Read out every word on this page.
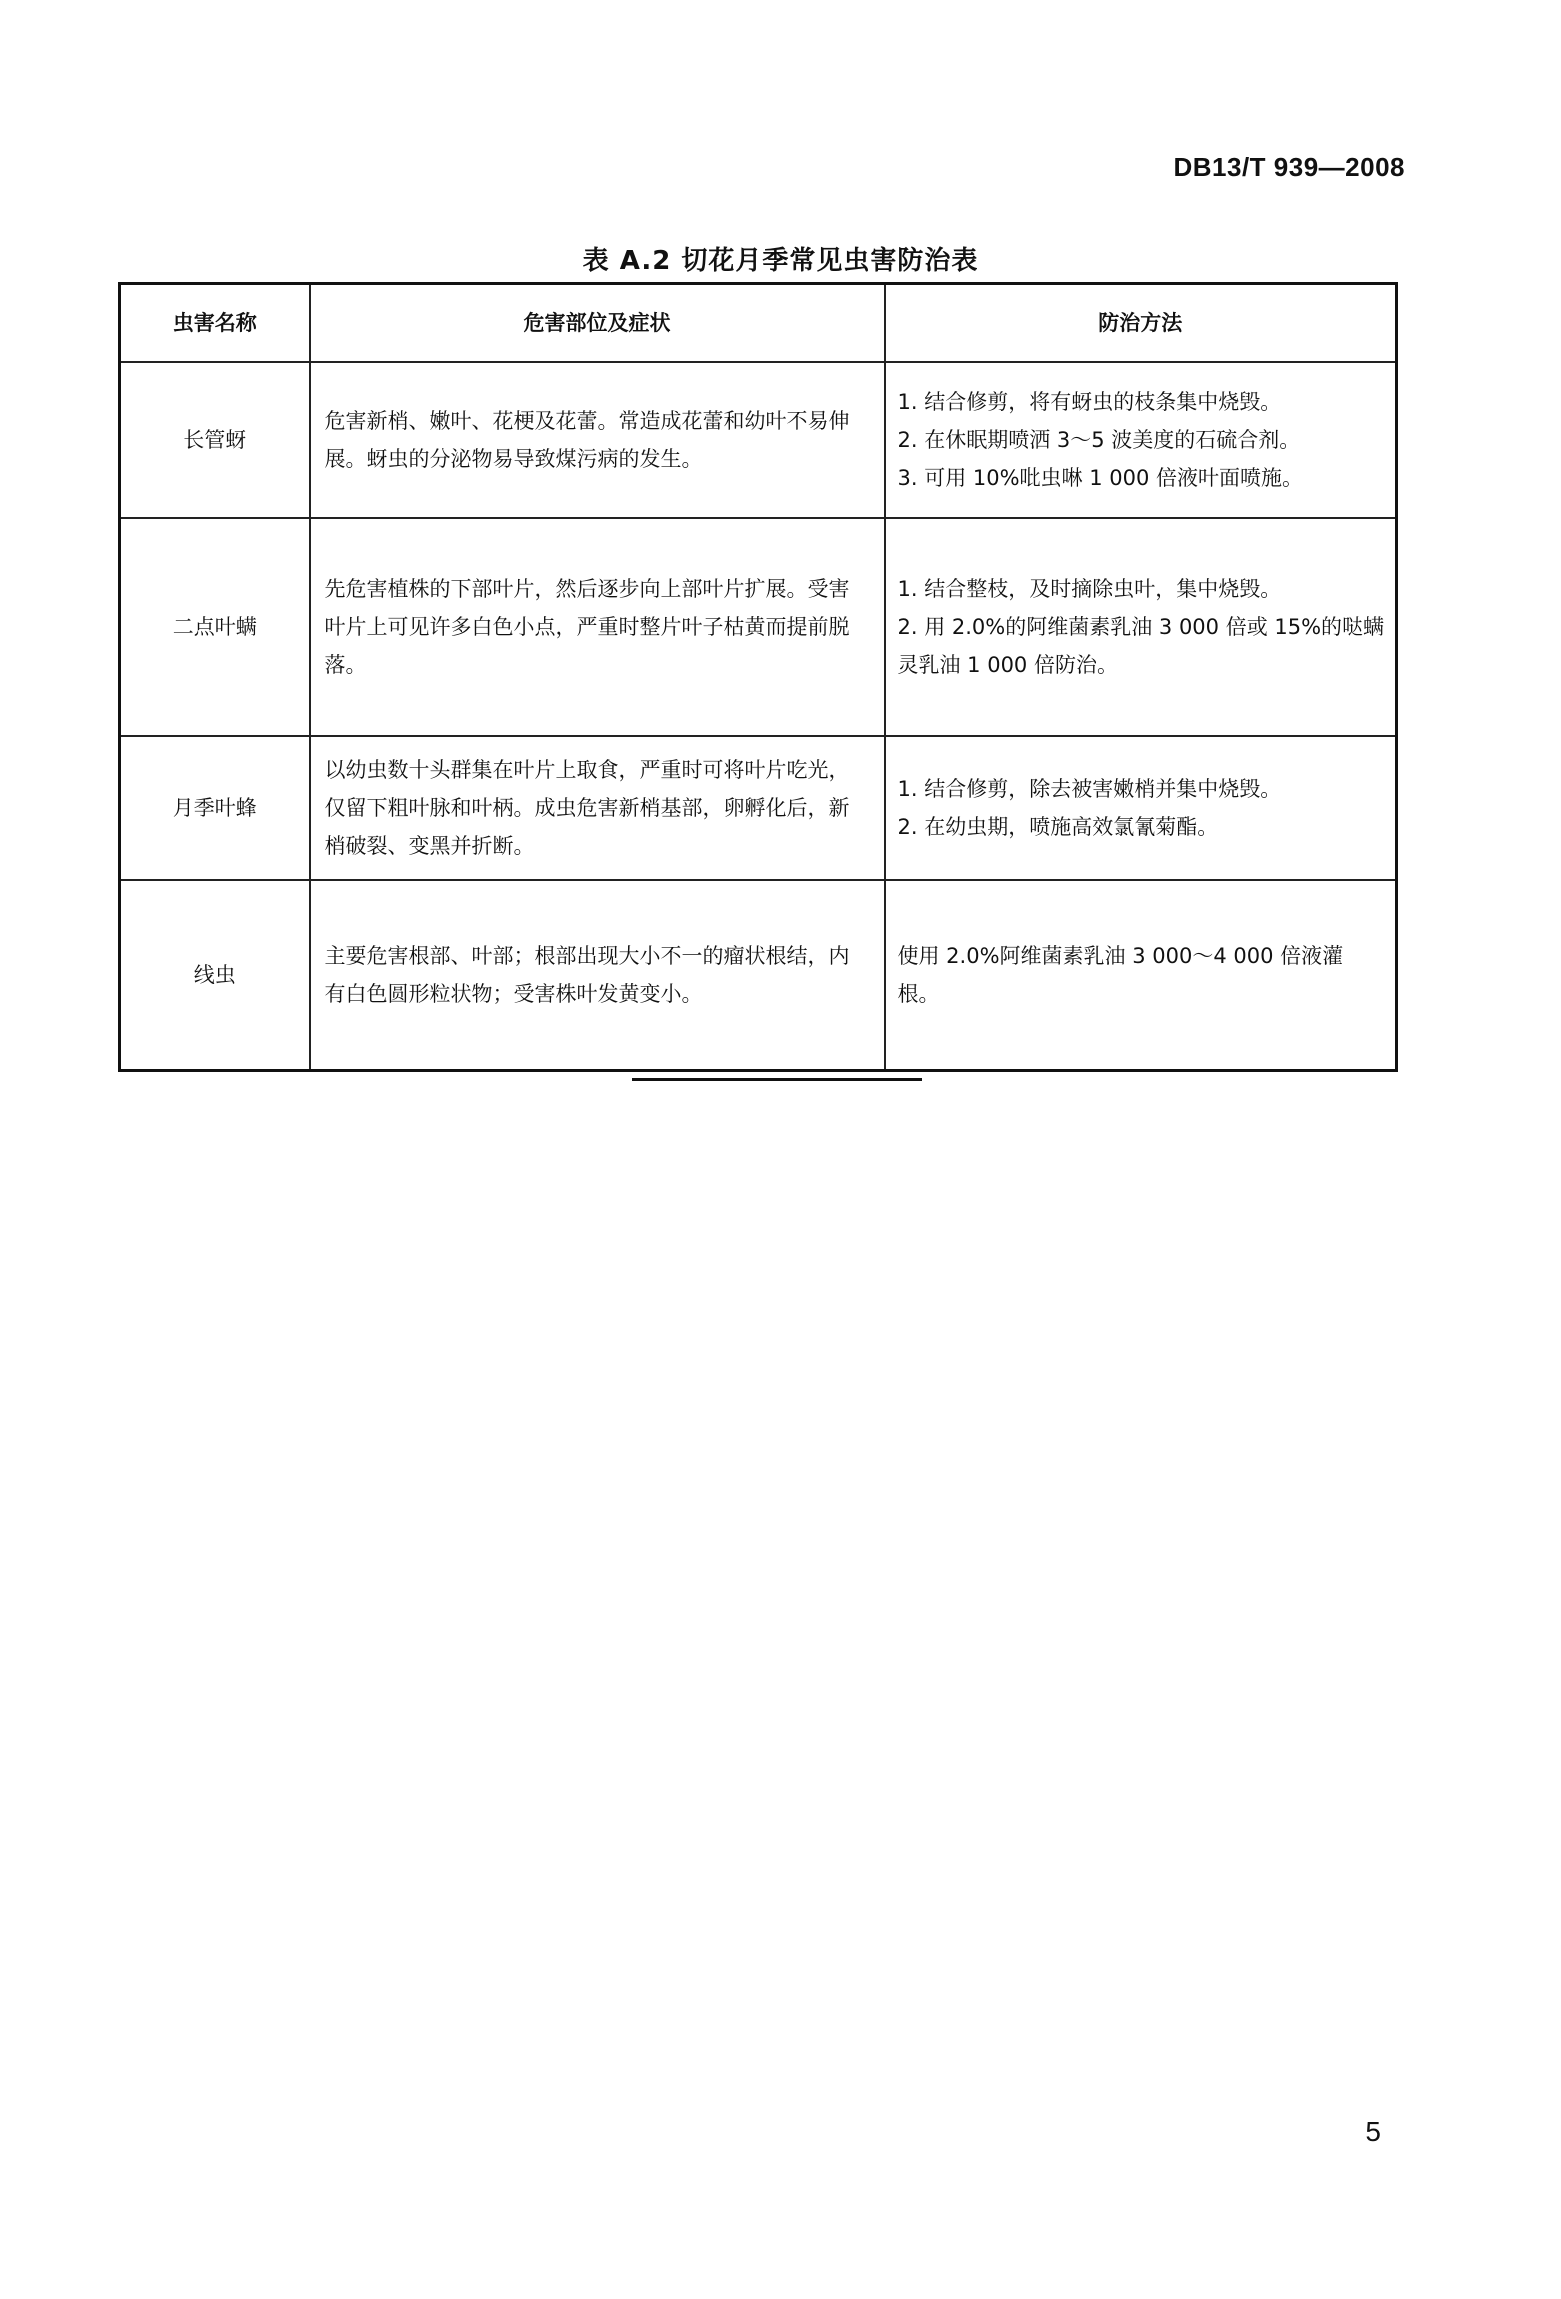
DB13/T 939—2008
表 A.2 切花月季常见虫害防治表
虫害名称	危害部位及症状	防治方法
长管蚜	危害新梢、嫩叶、花梗及花蕾。常造成花蕾和幼叶不易伸展。蚜虫的分泌物易导致煤污病的发生。	1. 结合修剪，将有蚜虫的枝条集中烧毁。
2. 在休眠期喷洒 3～5 波美度的石硫合剂。
3. 可用 10%吡虫啉 1 000 倍液叶面喷施。

二点叶螨	先危害植株的下部叶片，然后逐步向上部叶片扩展。受害叶片上可见许多白色小点，严重时整片叶子枯黄而提前脱落。	1. 结合整枝，及时摘除虫叶，集中烧毁。
2. 用 2.0%的阿维菌素乳油 3 000 倍或 15%的哒螨灵乳油 1 000 倍防治。

月季叶蜂	以幼虫数十头群集在叶片上取食，严重时可将叶片吃光，仅留下粗叶脉和叶柄。成虫危害新梢基部，卵孵化后，新梢破裂、变黑并折断。	1. 结合修剪，除去被害嫩梢并集中烧毁。
2. 在幼虫期，喷施高效氯氰菊酯。

线虫	主要危害根部、叶部；根部出现大小不一的瘤状根结，内有白色圆形粒状物；受害株叶发黄变小。	使用 2.0%阿维菌素乳油 3 000～4 000 倍液灌根。
5
